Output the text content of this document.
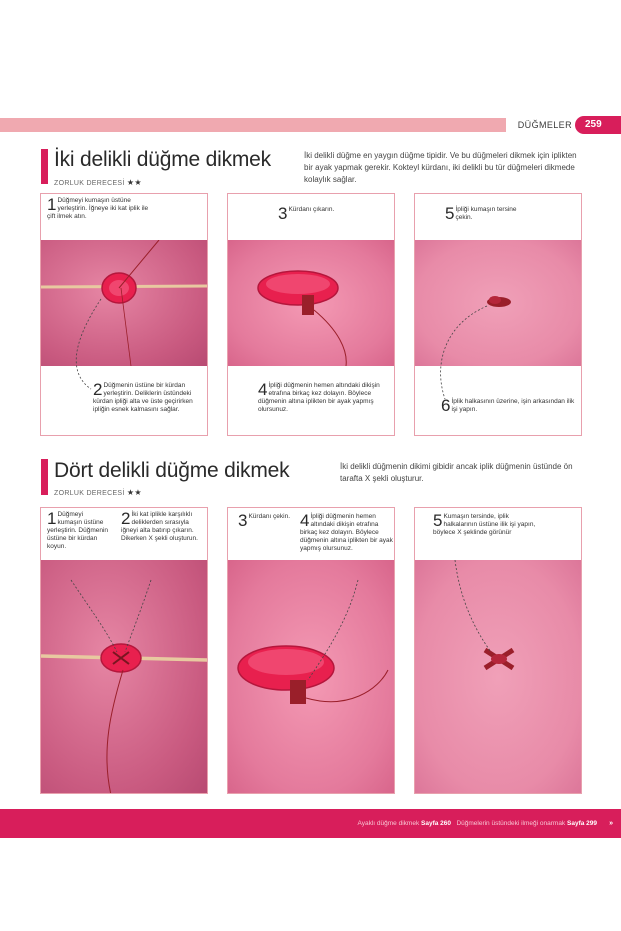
DÜĞMELER	259
İki delikli düğme dikmek
ZORLUK DERECESİ ★★
İki delikli düğme en yaygın düğme tipidir. Ve bu düğmeleri dikmek için iplikten bir ayak yapmak gerekir. Kokteyl kürdanı, iki delikli bu tür düğmeleri dikmede kolaylık sağlar.
1 Düğmeyi kumaşın üstüne yerleştirin. İğneye iki kat iplik ile çift ilmek atın.
2 Düğmenin üstüne bir kürdan yerleştirin. Deliklerin üstündeki kürdan ipliği alta ve üste geçirirken ipliğin esnek kalmasını sağlar.
3 Kürdanı çıkarın.
4 İpliği düğmenin hemen altındaki dikişin etrafına birkaç kez dolayın. Böylece düğmenin altına iplikten bir ayak yapmış olursunuz.
5 İpliği kumaşın tersine çekin.
6 İplik halkasının üzerine, işin arkasından ilik işi yapın.
Dört delikli düğme dikmek
ZORLUK DERECESİ ★★
İki delikli düğmenin dikimi gibidir ancak iplik düğmenin üstünde ön tarafta X şekli oluşturur.
1 Düğmeyi kumaşın üstüne yerleştirin. Düğmenin üstüne bir kürdan koyun.
2 İki kat iplikle karşılıklı deliklerden sırasıyla iğneyi alta batırıp çıkarın. Dikerken X şekli oluşturun.
3 Kürdanı çekin. 4 İpliği düğmenin hemen altındaki dikişin etrafına birkaç kez dolayın. Böylece düğmenin altına iplikten bir ayak yapmış olursunuz.
5 Kumaşın tersinde, iplik halkalarının üstüne ilik işi yapın, böylece X şeklinde görünür
Ayaklı düğme dikmek Sayfa 260 Düğmelerin üstündeki ilmeği onarmak Sayfa 299 »
